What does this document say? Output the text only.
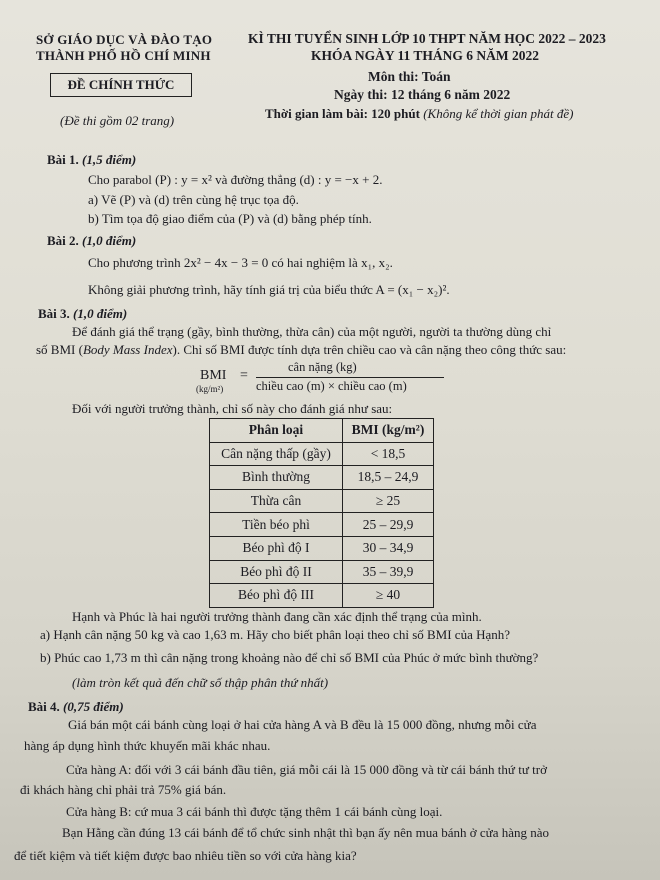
SỞ GIÁO DỤC VÀ ĐÀO TẠO
THÀNH PHỐ HỒ CHÍ MINH
KÌ THI TUYỂN SINH LỚP 10 THPT NĂM HỌC 2022 – 2023
KHÓA NGÀY 11 THÁNG 6 NĂM 2022
Môn thi: Toán
Ngày thi: 12 tháng 6 năm 2022
ĐỀ CHÍNH THỨC
(Đề thi gồm 02 trang)	Thời gian làm bài: 120 phút (Không kể thời gian phát đề)
Bài 1. (1,5 điểm)
Cho parabol (P) : y = x² và đường thẳng (d) : y = −x + 2.
a) Vẽ (P) và (d) trên cùng hệ trục tọa độ.
b) Tìm tọa độ giao điểm của (P) và (d) bằng phép tính.
Bài 2. (1,0 điểm)
Cho phương trình 2x² − 4x − 3 = 0 có hai nghiệm là x₁, x₂.
Không giải phương trình, hãy tính giá trị của biểu thức A = (x₁ − x₂)².
Bài 3. (1,0 điểm)
Để đánh giá thể trạng (gầy, bình thường, thừa cân) của một người, người ta thường dùng chỉ
số BMI (Body Mass Index). Chỉ số BMI được tính dựa trên chiều cao và cân nặng theo công thức sau:
BMI
(kg/m²)
=
cân nặng (kg)
chiều cao (m) × chiều cao (m)
Đối với người trưởng thành, chỉ số này cho đánh giá như sau:
Phân loại	BMI (kg/m²)
Cân nặng thấp (gầy)	< 18,5
Bình thường	18,5 – 24,9
Thừa cân	≥ 25
Tiền béo phì	25 – 29,9
Béo phì độ I	30 – 34,9
Béo phì độ II	35 – 39,9
Béo phì độ III	≥ 40
Hạnh và Phúc là hai người trưởng thành đang cần xác định thể trạng của mình.
a) Hạnh cân nặng 50 kg và cao 1,63 m. Hãy cho biết phân loại theo chỉ số BMI của Hạnh?
b) Phúc cao 1,73 m thì cân nặng trong khoảng nào để chỉ số BMI của Phúc ở mức bình thường?
(làm tròn kết quả đến chữ số thập phân thứ nhất)
Bài 4. (0,75 điểm)
Giá bán một cái bánh cùng loại ở hai cửa hàng A và B đều là 15 000 đồng, nhưng mỗi cửa
hàng áp dụng hình thức khuyến mãi khác nhau.
Cửa hàng A: đối với 3 cái bánh đầu tiên, giá mỗi cái là 15 000 đồng và từ cái bánh thứ tư trở
đi khách hàng chỉ phải trả 75% giá bán.
Cửa hàng B: cứ mua 3 cái bánh thì được tặng thêm 1 cái bánh cùng loại.
Bạn Hằng cần đúng 13 cái bánh để tổ chức sinh nhật thì bạn ấy nên mua bánh ở cửa hàng nào
để tiết kiệm và tiết kiệm được bao nhiêu tiền so với cửa hàng kia?
